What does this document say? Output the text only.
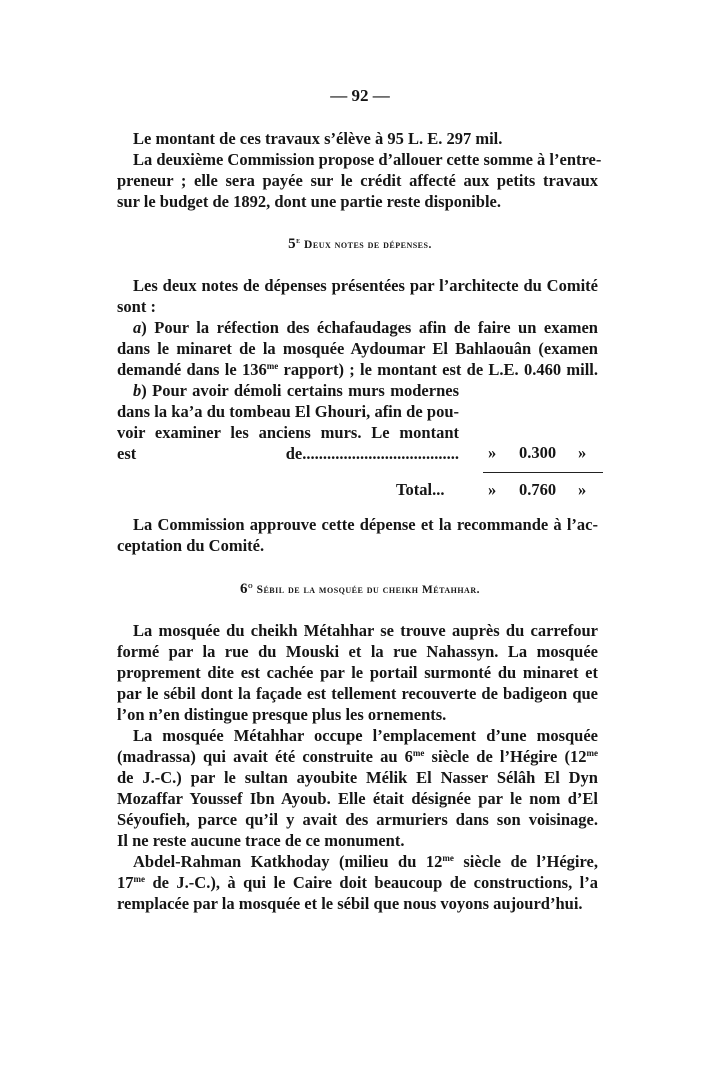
— 92 —
Le montant de ces travaux s’élève à 95 L. E. 297 mil.
La deuxième Commission propose d’allouer cette somme à l’entre-
preneur ; elle sera payée sur le crédit affecté aux petits travaux
sur le budget de 1892, dont une partie reste disponible.
5e Deux notes de dépenses.
Les deux notes de dépenses présentées par l’architecte du Comité
sont :
a) Pour la réfection des échafaudages afin de faire un examen
dans le minaret de la mosquée Aydoumar El Bahlaouân (examen
demandé dans le $136^{me}$ rapport) ; le montant est de L.E. 0.460 mill.
b) Pour avoir démoli certains murs modernes
dans la ka’a du tombeau El Ghouri, afin de pou-
voir examiner les anciens murs. Le montant
est de...................................... » 0.300 »
Total...	» 0.760 »
La Commission approuve cette dépense et la recommande à l’ac-
ceptation du Comité.
6$^o$ Sébil de la mosquée du cheikh Métahhar.
La mosquée du cheikh Métahhar se trouve auprès du carrefour
formé par la rue du Mouski et la rue Nahassyn. La mosquée
proprement dite est cachée par le portail surmonté du minaret et
par le sébil dont la façade est tellement recouverte de badigeon que
l’on n’en distingue presque plus les ornements.
La mosquée Métahhar occupe l’emplacement d’une mosquée
(madrassa) qui avait été construite au $6^{me}$ siècle de l’Hégire ($12^{me}$
de J.-C.) par le sultan ayoubite Mélik El Nasser Sélâh El Dyn
Mozaffar Youssef Ibn Ayoub. Elle était désignée par le nom d’El
Séyoufieh, parce qu’il y avait des armuriers dans son voisinage.
Il ne reste aucune trace de ce monument.
Abdel-Rahman Katkhoday (milieu du $12^{me}$ siècle de l’Hégire,
$17^{me}$ de J.-C.), à qui le Caire doit beaucoup de constructions, l’a
remplacée par la mosquée et le sébil que nous voyons aujourd’hui.
